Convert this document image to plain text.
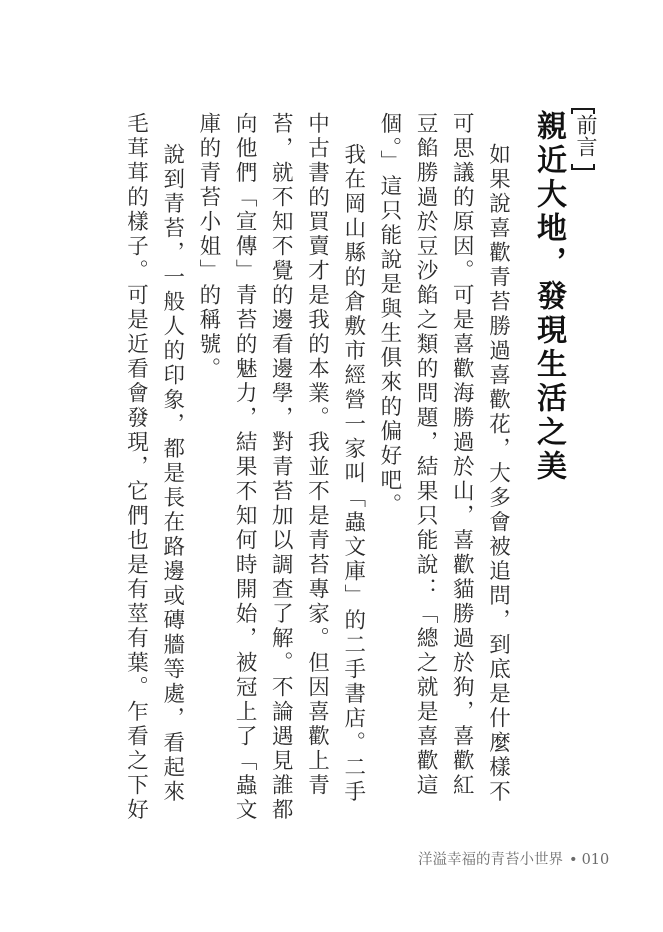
前言
親近大地，發現生活之美
如果說喜歡青苔勝過喜歡花，大多會被追問，到底是什麼樣不
可思議的原因。可是喜歡海勝過於山，喜歡貓勝過於狗，喜歡紅
豆餡勝過於豆沙餡之類的問題，結果只能說：「總之就是喜歡這
個。」這只能說是與生俱來的偏好吧。
我在岡山縣的倉敷市經營一家叫「蟲文庫」的二手書店。二手
中古書的買賣才是我的本業。我並不是青苔專家。但因喜歡上青
苔，就不知不覺的邊看邊學，對青苔加以調查了解。不論遇見誰都
向他們「宣傳」青苔的魅力，結果不知何時開始，被冠上了「蟲文
庫的青苔小姐」的稱號。
說到青苔，一般人的印象，都是長在路邊或磚牆等處，看起來
毛茸茸的樣子。可是近看會發現，它們也是有莖有葉。乍看之下好
洋溢幸福的青苔小世界 • 010
